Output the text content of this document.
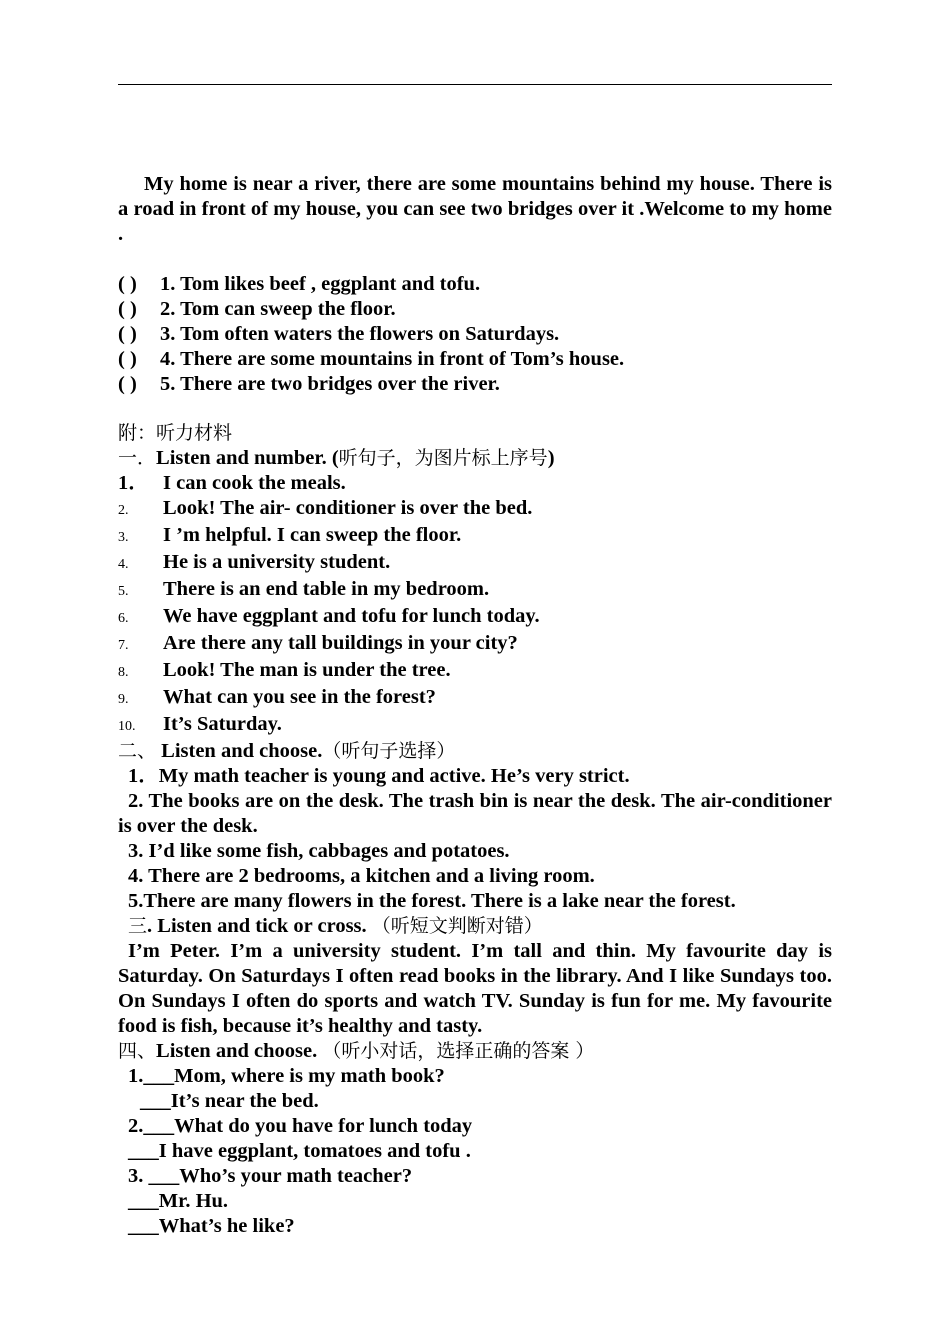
My home is near a river, there are some mountains behind my house. There is a road in front of my house, you can see two bridges over it .Welcome to my home .

( ) 1. Tom likes beef , eggplant and tofu.

( ) 2. Tom can sweep the floor.

( ) 3. Tom often waters the flowers on Saturdays.

( ) 4. There are some mountains in front of Tom’s house.

( ) 5. There are two bridges over the river.

附：听力材料

一．Listen and number. (听句子，为图片标上序号)

1． I can cook the meals.

2. Look! The air- conditioner is over the bed.

3. I ’m helpful. I can sweep the floor.

4. He is a university student.

5. There is an end table in my bedroom.

6. We have eggplant and tofu for lunch today.

7. Are there any tall buildings in your city?

8. Look! The man is under the tree.

9. What can you see in the forest?

10. It’s Saturday.

二、 Listen and choose.（听句子选择）

1．My math teacher is young and active. He’s very strict.

2. The books are on the desk. The trash bin is near the desk. The air-conditioner is over the desk.

3. I’d like some fish, cabbages and potatoes.

4. There are 2 bedrooms, a kitchen and a living room.

5.There are many flowers in the forest. There is a lake near the forest.

三. Listen and tick or cross. （听短文判断对错）

I’m Peter. I’m a university student. I’m tall and thin. My favourite day is Saturday. On Saturdays I often read books in the library. And I like Sundays too. On Sundays I often do sports and watch TV. Sunday is fun for me. My favourite food is fish, because it’s healthy and tasty.

四、Listen and choose. （听小对话，选择正确的答案 ）

1.___Mom, where is my math book?

___It’s near the bed.

2.___What do you have for lunch today

___I have eggplant, tomatoes and tofu .

3. ___Who’s your math teacher?

___Mr. Hu.

___What’s he like?
